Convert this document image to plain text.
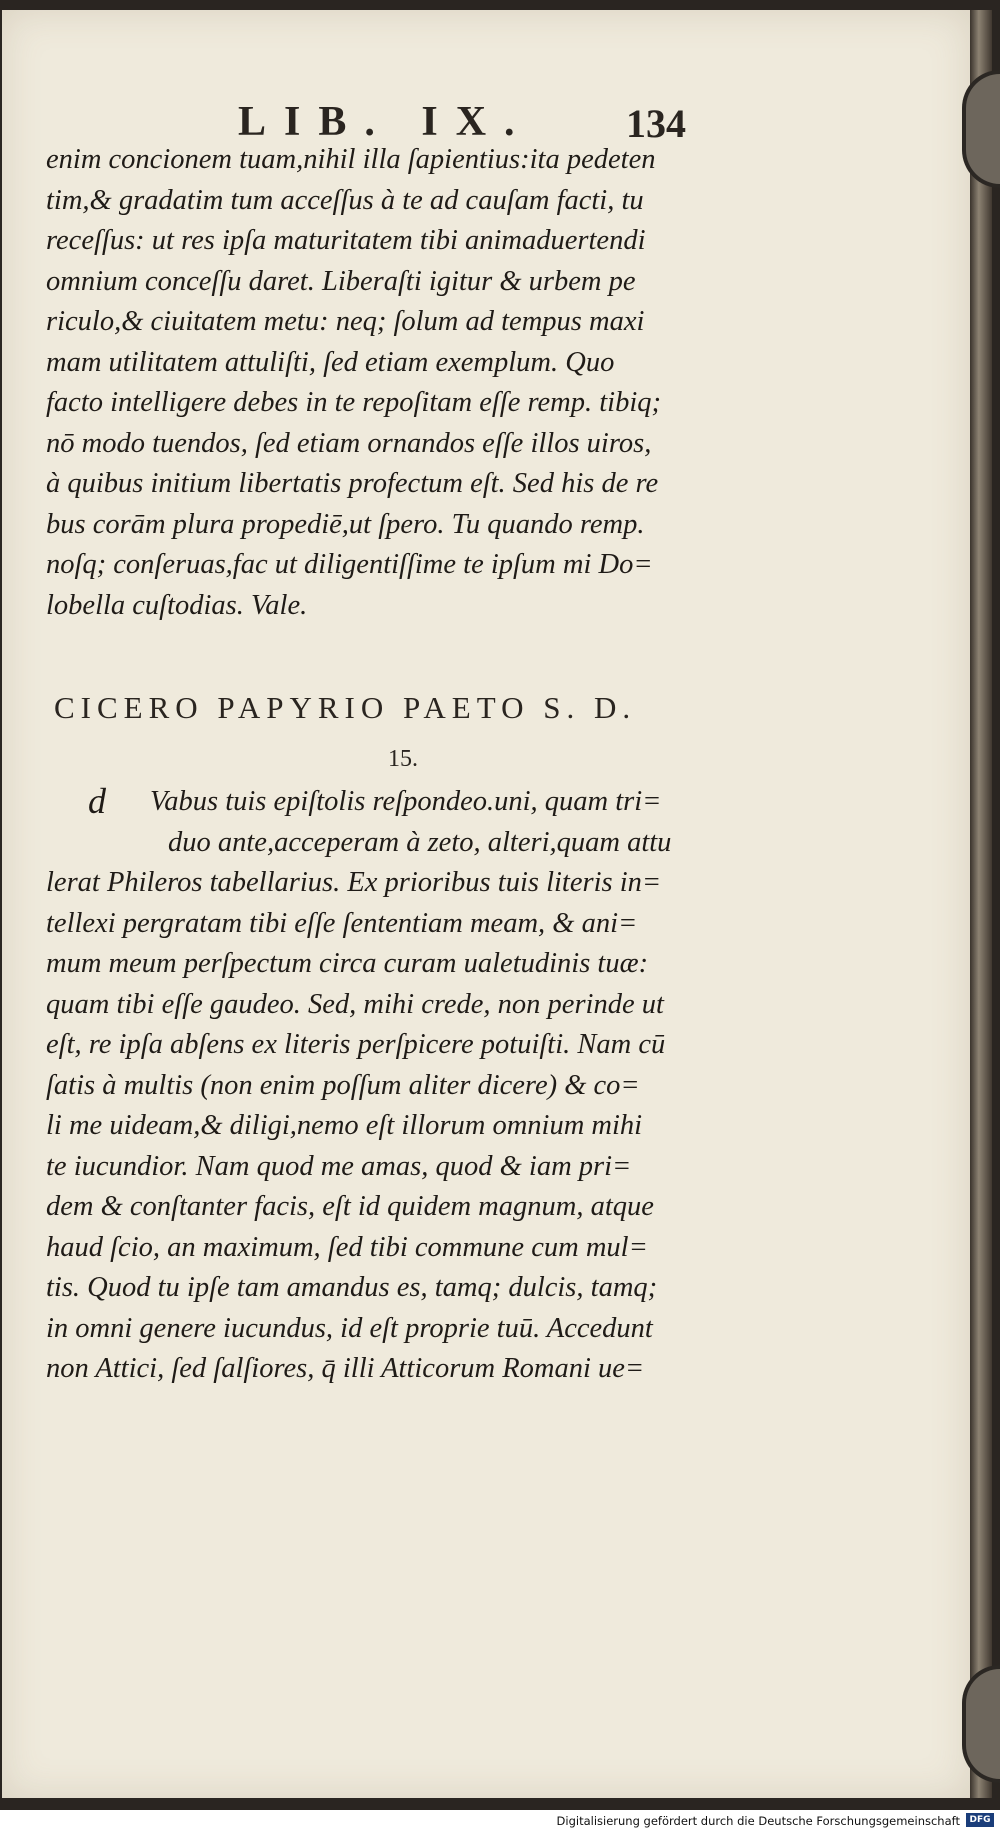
LIB. IX.	134
enim concionem tuam,nihil illa ſapientius:ita pedeten
tim,& gradatim tum acceſſus à te ad cauſam facti, tu
receſſus: ut res ipſa maturitatem tibi animaduertendi
omnium conceſſu daret. Liberaſti igitur & urbem pe
riculo,& ciuitatem metu: neq; ſolum ad tempus maxi
mam utilitatem attuliſti, ſed etiam exemplum. Quo
facto intelligere debes in te repoſitam eſſe remp. tibiq;
nō modo tuendos, ſed etiam ornandos eſſe illos uiros,
à quibus initium libertatis profectum eſt. Sed his de re
bus corām plura propediē,ut ſpero. Tu quando remp.
noſq; conſeruas,fac ut diligentiſſime te ipſum mi Do=
lobella cuſtodias. Vale.
CICERO PAPYRIO PAETO S. D.
15.
d	Vabus tuis epiſtolis reſpondeo.uni, quam tri=
duo ante,acceperam à zeto, alteri,quam attu
lerat Phileros tabellarius. Ex prioribus tuis literis in=
tellexi pergratam tibi eſſe ſententiam meam, & ani=
mum meum perſpectum circa curam ualetudinis tuæ:
quam tibi eſſe gaudeo. Sed, mihi crede, non perinde ut
eſt, re ipſa abſens ex literis perſpicere potuiſti. Nam cū
ſatis à multis (non enim poſſum aliter dicere) & co=
li me uideam,& diligi,nemo eſt illorum omnium mihi
te iucundior. Nam quod me amas, quod & iam pri=
dem & conſtanter facis, eſt id quidem magnum, atque
haud ſcio, an maximum, ſed tibi commune cum mul=
tis. Quod tu ipſe tam amandus es, tamq; dulcis, tamq;
in omni genere iucundus, id eſt proprie tuū. Accedunt
non Attici, ſed ſalſiores, q̄ illi Atticorum Romani ue=
Digitalisierung gefördert durch die Deutsche Forschungsgemeinschaft	DFG
